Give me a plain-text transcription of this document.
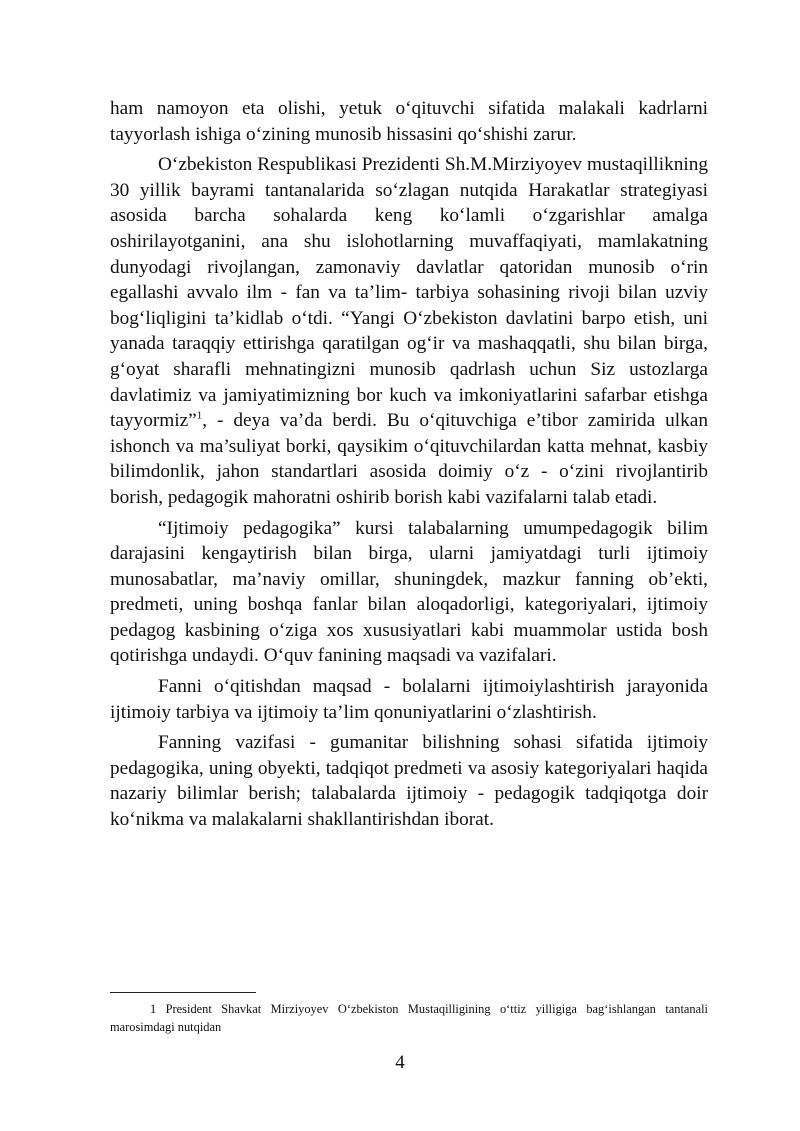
ham namoyon eta olishi, yetuk o‘qituvchi sifatida malakali kadrlarni tayyorlash ishiga o‘zining munosib hissasini qo‘shishi zarur.

O‘zbekiston Respublikasi Prezidenti Sh.M.Mirziyoyev mustaqillikning 30 yillik bayrami tantanalarida so‘zlagan nutqida Harakatlar strategiyasi asosida barcha sohalarda keng ko‘lamli o‘zgarishlar amalga oshirilayotganini, ana shu islohotlarning muvaffaqiyati, mamlakatning dunyodagi rivojlangan, zamonaviy davlatlar qatoridan munosib o‘rin egallashi avvalo ilm - fan va ta’lim- tarbiya sohasining rivoji bilan uzviy bog‘liqligini ta’kidlab o‘tdi. “Yangi O‘zbekiston davlatini barpo etish, uni yanada taraqqiy ettirishga qaratilgan og‘ir va mashaqqatli, shu bilan birga, g‘oyat sharafli mehnatingizni munosib qadrlash uchun Siz ustozlarga davlatimiz va jamiyatimizning bor kuch va imkoniyatlarini safarbar etishga tayyormiz”$^1$, - deya va’da berdi. Bu o‘qituvchiga e’tibor zamirida ulkan ishonch va ma’suliyat borki, qaysikim o‘qituvchilardan katta mehnat, kasbiy bilimdonlik, jahon standartlari asosida doimiy o‘z - o‘zini rivojlantirib borish, pedagogik mahoratni oshirib borish kabi vazifalarni talab etadi.

“Ijtimoiy pedagogika” kursi talabalarning umumpedagogik bilim darajasini kengaytirish bilan birga, ularni jamiyatdagi turli ijtimoiy munosabatlar, ma’naviy omillar, shuningdek, mazkur fanning ob’ekti, predmeti, uning boshqa fanlar bilan aloqadorligi, kategoriyalari, ijtimoiy pedagog kasbining o‘ziga xos xususiyatlari kabi muammolar ustida bosh qotirishga undaydi. O‘quv fanining maqsadi va vazifalari.

Fanni o‘qitishdan maqsad - bolalarni ijtimoiylashtirish jarayonida ijtimoiy tarbiya va ijtimoiy ta’lim qonuniyatlarini o‘zlashtirish.

Fanning vazifasi - gumanitar bilishning sohasi sifatida ijtimoiy pedagogika, uning obyekti, tadqiqot predmeti va asosiy kategoriyalari haqida nazariy bilimlar berish; talabalarda ijtimoiy - pedagogik tadqiqotga doir ko‘nikma va malakalarni shakllantirishdan iborat.

1 President Shavkat Mirziyoyev O‘zbekiston Mustaqilligining o‘ttiz yilligiga bag‘ishlangan tantanali marosimdagi nutqidan
4
